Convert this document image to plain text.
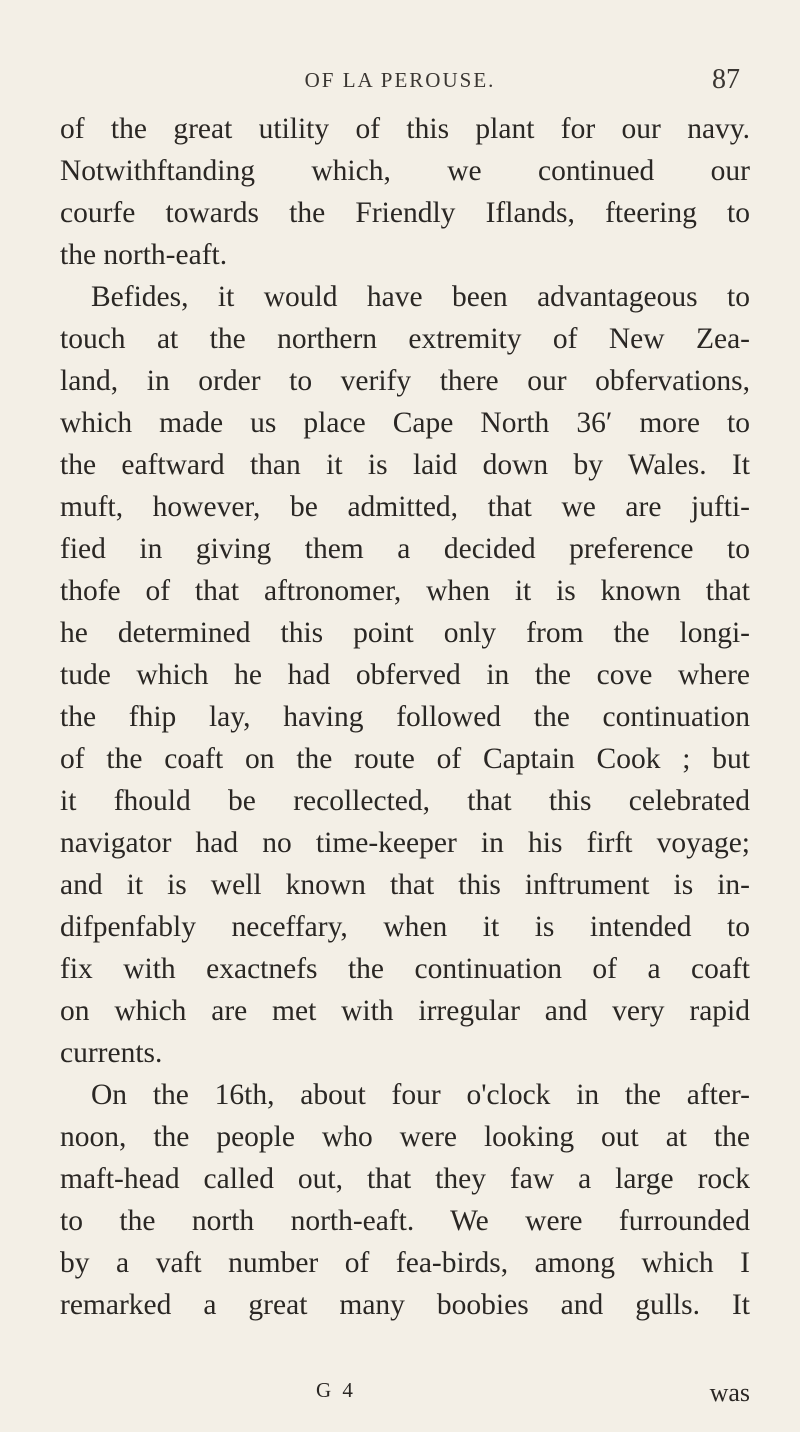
OF LA PEROUSE.	87
of the great utility of this plant for our navy.
Notwithftanding which, we continued our
courfe towards the Friendly Iflands, fteering to
the north-eaft.
Befides, it would have been advantageous to
touch at the northern extremity of New Zea-
land, in order to verify there our obfervations,
which made us place Cape North 36′ more to
the eaftward than it is laid down by Wales. It
muft, however, be admitted, that we are jufti-
fied in giving them a decided preference to
thofe of that aftronomer, when it is known that
he determined this point only from the longi-
tude which he had obferved in the cove where
the fhip lay, having followed the continuation
of the coaft on the route of Captain Cook ; but
it fhould be recollected, that this celebrated
navigator had no time-keeper in his firft voyage;
and it is well known that this inftrument is in-
difpenfably neceffary, when it is intended to
fix with exactnefs the continuation of a coaft
on which are met with irregular and very rapid
currents.
On the 16th, about four o'clock in the after-
noon, the people who were looking out at the
maft-head called out, that they faw a large rock
to the north north-eaft. We were furrounded
by a vaft number of fea-birds, among which I
remarked a great many boobies and gulls. It
G 4	was
